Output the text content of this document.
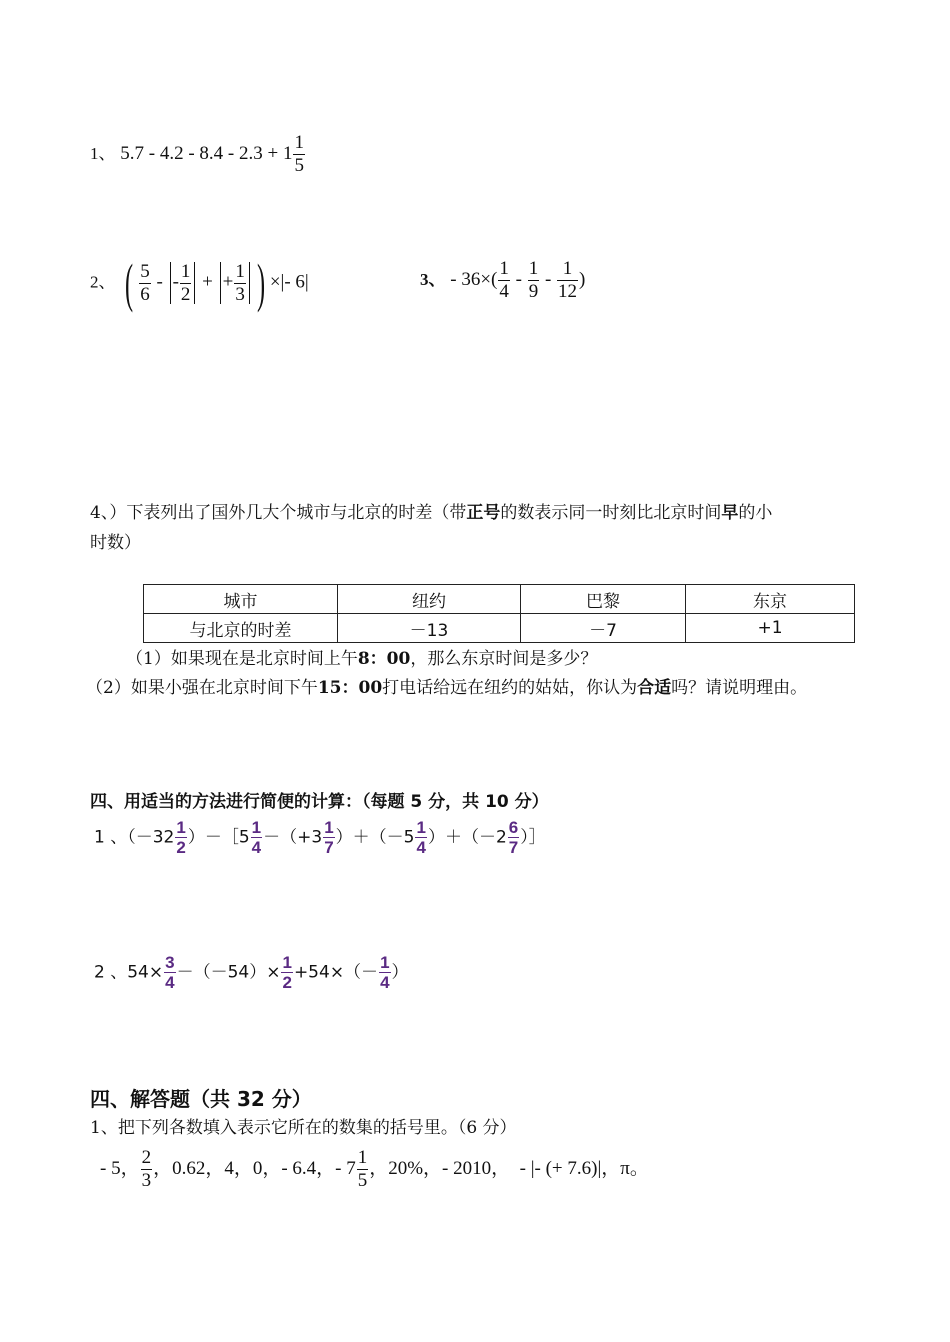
1、 $5.7 - 4.2 - 8.4 - 2.3 + 1 \frac{1}{5}$
2、 ( $\frac{5}{6}$ - - $\frac{1}{2}$ + + $\frac{1}{3}$ ) ×|- 6|	3、 - $36\times( \frac{1}{4} - \frac{1}{9} - \frac{1}{12}$ )
4、）下表列出了国外几大个城市与北京的时差（带正号的数表示同一时刻比北京时间早的小
时数）
城市	纽约	巴黎	东京
与北京的时差	－13	－7	+1
（1）如果现在是北京时间上午8：00，那么东京时间是多少？
（2）如果小强在北京时间下午15：00打电话给远在纽约的姑姑，你认为合适吗？请说明理由。
四、用适当的方法进行简便的计算：（每题 5 分，共 10 分）
1 、（$-32 \frac{1}{2}$ ）－［5 $\frac{1}{4} -(+3 \frac{1}{7} )+(-5 \frac{1}{4} )+(-2 \frac{6}{7}$ ）］
2 、$54\times \frac{3}{4} -(-54)\times \frac{1}{2} +54\times(- \frac{1}{4}$ ）
四、解答题（共 32 分）
1、把下列各数填入表示它所在的数集的括号里。（6 分）
- 5， $\frac{2}{3}$ ，0.62，4，0，- 6.4，- $7 \frac{1}{5}$ ，20%，- 2010， - |- (+ 7.6)|，π。
